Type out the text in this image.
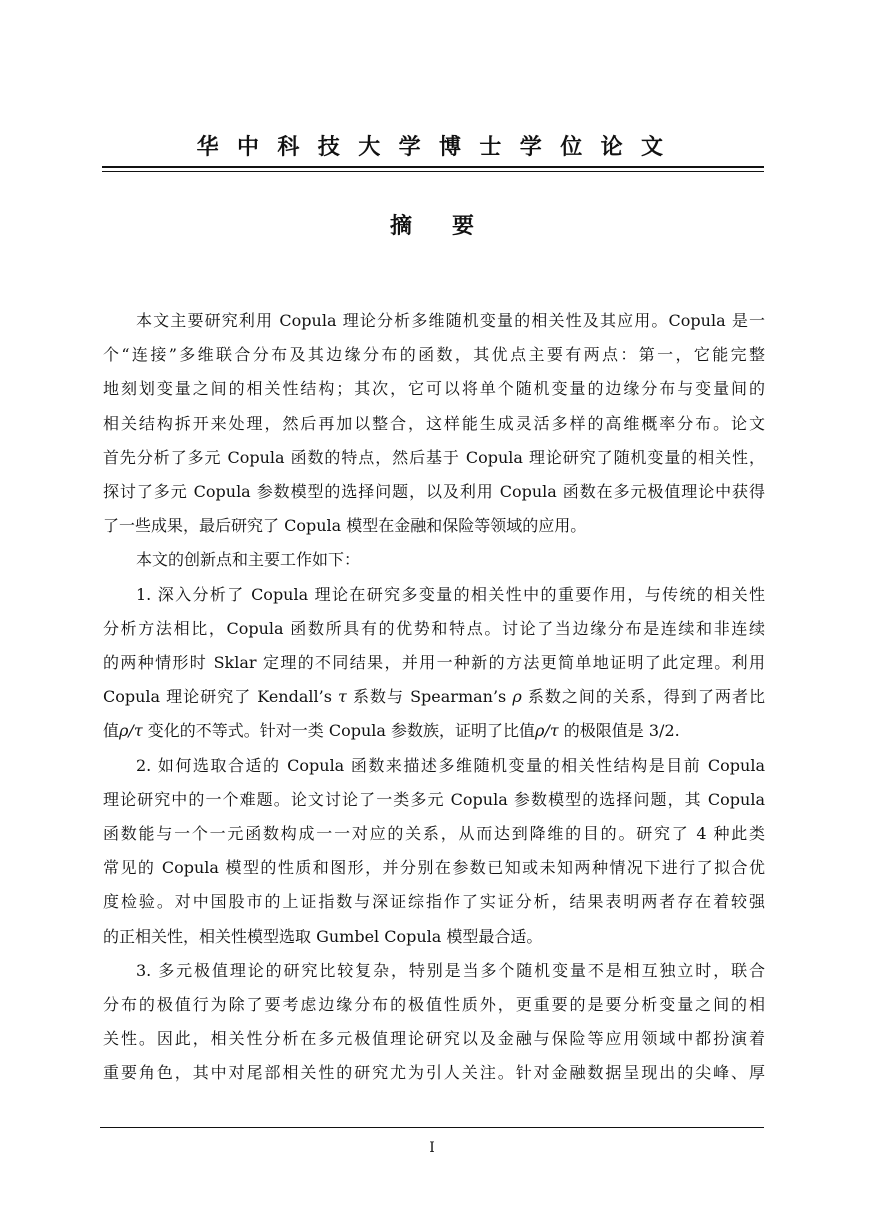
华中科技大学博士学位论文
摘要

本文主要研究利用 Copula 理论分析多维随机变量的相关性及其应用。Copula 是一
个“连接”多维联合分布及其边缘分布的函数，其优点主要有两点：第一，它能完整
地刻划变量之间的相关性结构；其次，它可以将单个随机变量的边缘分布与变量间的
相关结构拆开来处理，然后再加以整合，这样能生成灵活多样的高维概率分布。论文
首先分析了多元 Copula 函数的特点，然后基于 Copula 理论研究了随机变量的相关性，
探讨了多元 Copula 参数模型的选择问题，以及利用 Copula 函数在多元极值理论中获得
了一些成果，最后研究了 Copula 模型在金融和保险等领域的应用。

本文的创新点和主要工作如下：

1. 深入分析了 Copula 理论在研究多变量的相关性中的重要作用，与传统的相关性
分析方法相比，Copula 函数所具有的优势和特点。讨论了当边缘分布是连续和非连续
的两种情形时 Sklar 定理的不同结果，并用一种新的方法更简单地证明了此定理。利用
Copula 理论研究了 Kendall’s τ 系数与 Spearman’s ρ 系数之间的关系，得到了两者比
值ρ/τ 变化的不等式。针对一类 Copula 参数族，证明了比值ρ/τ 的极限值是 3/2.

2. 如何选取合适的 Copula 函数来描述多维随机变量的相关性结构是目前 Copula
理论研究中的一个难题。论文讨论了一类多元 Copula 参数模型的选择问题，其 Copula
函数能与一个一元函数构成一一对应的关系，从而达到降维的目的。研究了 4 种此类
常见的 Copula 模型的性质和图形，并分别在参数已知或未知两种情况下进行了拟合优
度检验。对中国股市的上证指数与深证综指作了实证分析，结果表明两者存在着较强
的正相关性，相关性模型选取 Gumbel Copula 模型最合适。

3. 多元极值理论的研究比较复杂，特别是当多个随机变量不是相互独立时，联合
分布的极值行为除了要考虑边缘分布的极值性质外，更重要的是要分析变量之间的相
关性。因此，相关性分析在多元极值理论研究以及金融与保险等应用领域中都扮演着
重要角色，其中对尾部相关性的研究尤为引人关注。针对金融数据呈现出的尖峰、厚

I
